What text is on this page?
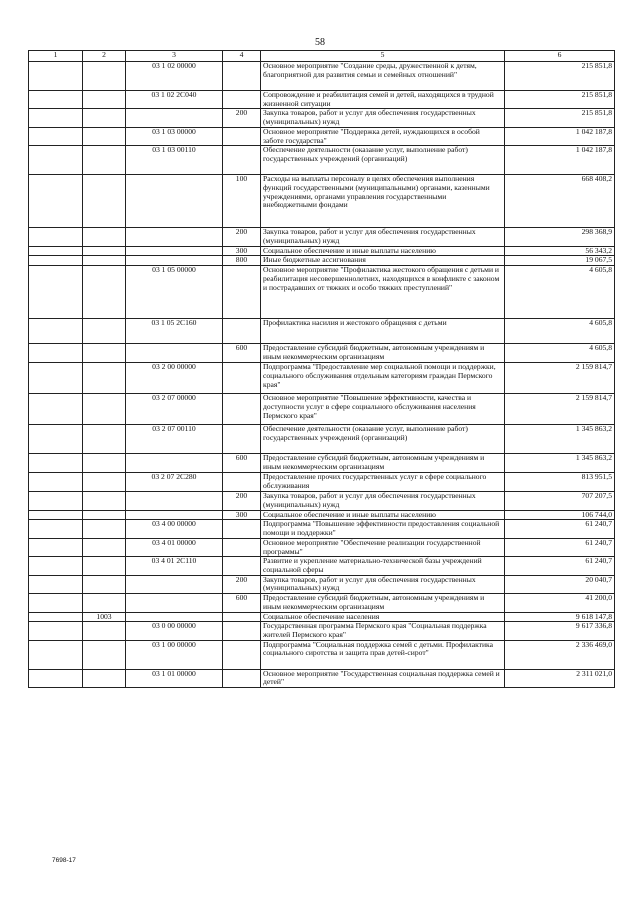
58
1	2	3	4	5	6
		03 1 02 00000		Основное мероприятие "Создание среды, дружественной к детям, благоприятной для развития семьи и семейных отношений"	215 851,8
		03 1 02 2С040		Сопровождение и реабилитация семей и детей, находящихся в трудной жизненной ситуации	215 851,8
			200	Закупка товаров, работ и услуг для обеспечения государственных (муниципальных) нужд	215 851,8
		03 1 03 00000		Основное мероприятие "Поддержка детей, нуждающихся в особой заботе государства"	1 042 187,8
		03 1 03 00110		Обеспечение деятельности (оказание услуг, выполнение работ) государственных учреждений (организаций)	1 042 187,8
			100	Расходы на выплаты персоналу в целях обеспечения выполнения функций государственными (муниципальными) органами, казенными учреждениями, органами управления государственными внебюджетными фондами	668 408,2
			200	Закупка товаров, работ и услуг для обеспечения государственных (муниципальных) нужд	298 368,9
			300	Социальное обеспечение и иные выплаты населению	56 343,2
			800	Иные бюджетные ассигнования	19 067,5
		03 1 05 00000		Основное мероприятие "Профилактика жестокого обращения с детьми и реабилитация несовершеннолетних, находящихся в конфликте с законом и пострадавших от тяжких и особо тяжких преступлений"	4 605,8
		03 1 05 2С160		Профилактика насилия и жестокого обращения с детьми	4 605,8
			600	Предоставление субсидий бюджетным, автономным учреждениям и иным некоммерческим организациям	4 605,8
		03 2 00 00000		Подпрограмма "Предоставление мер социальной помощи и поддержки, социального обслуживания отдельным категориям граждан Пермского края"	2 159 814,7
		03 2 07 00000		Основное мероприятие "Повышение эффективности, качества и доступности услуг в сфере социального обслуживания населения Пермского края"	2 159 814,7
		03 2 07 00110		Обеспечение деятельности (оказание услуг, выполнение работ) государственных учреждений (организаций)	1 345 863,2
			600	Предоставление субсидий бюджетным, автономным учреждениям и иным некоммерческим организациям	1 345 863,2
		03 2 07 2С280		Предоставление прочих государственных услуг в сфере социального обслуживания	813 951,5
			200	Закупка товаров, работ и услуг для обеспечения государственных (муниципальных) нужд	707 207,5
			300	Социальное обеспечение и иные выплаты населению	106 744,0
		03 4 00 00000		Подпрограмма "Повышение эффективности предоставления социальной помощи и поддержки"	61 240,7
		03 4 01 00000		Основное мероприятие "Обеспечение реализации государственной программы"	61 240,7
		03 4 01 2С110		Развитие и укрепление материально-технической базы учреждений социальной сферы	61 240,7
			200	Закупка товаров, работ и услуг для обеспечения государственных (муниципальных) нужд	20 040,7
			600	Предоставление субсидий бюджетным, автономным учреждениям и иным некоммерческим организациям	41 200,0
	1003			Социальное обеспечение населения	9 618 147,8
		03 0 00 00000		Государственная программа Пермского края "Социальная поддержка жителей Пермского края"	9 617 336,8
		03 1 00 00000		Подпрограмма "Социальная поддержка семей с детьми. Профилактика социального сиротства и защита прав детей-сирот"	2 336 469,0
		03 1 01 00000		Основное мероприятие "Государственная социальная поддержка семей и детей"	2 311 021,0
7698-17
